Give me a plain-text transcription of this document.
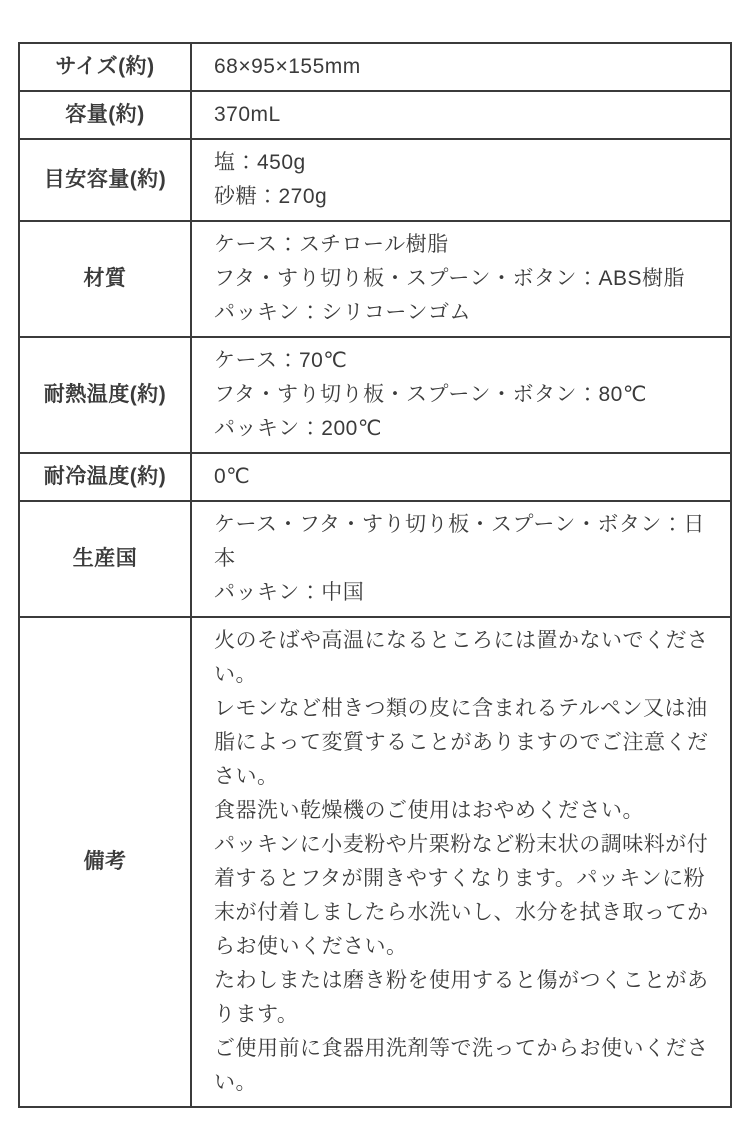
サイズ(約)	68×95×155mm

容量(約)	370mL

目安容量(約)	塩：450g
砂糖：270g

材質	ケース：スチロール樹脂
フタ・すり切り板・スプーン・ボタン：ABS樹脂
パッキン：シリコーンゴム

耐熱温度(約)	ケース：70℃
フタ・すり切り板・スプーン・ボタン：80℃
パッキン：200℃

耐冷温度(約)	0℃

生産国	ケース・フタ・すり切り板・スプーン・ボタン：日本
パッキン：中国

備考	
火のそばや高温になるところには置かないでください。
レモンなど柑きつ類の皮に含まれるテルペン又は油脂によって変質することがありますのでご注意ください。
食器洗い乾燥機のご使用はおやめください。
パッキンに小麦粉や片栗粉など粉末状の調味料が付着するとフタが開きやすくなります。パッキンに粉末が付着しましたら水洗いし、水分を拭き取ってからお使いください。
たわしまたは磨き粉を使用すると傷がつくことがあります。
ご使用前に食器用洗剤等で洗ってからお使いください。
